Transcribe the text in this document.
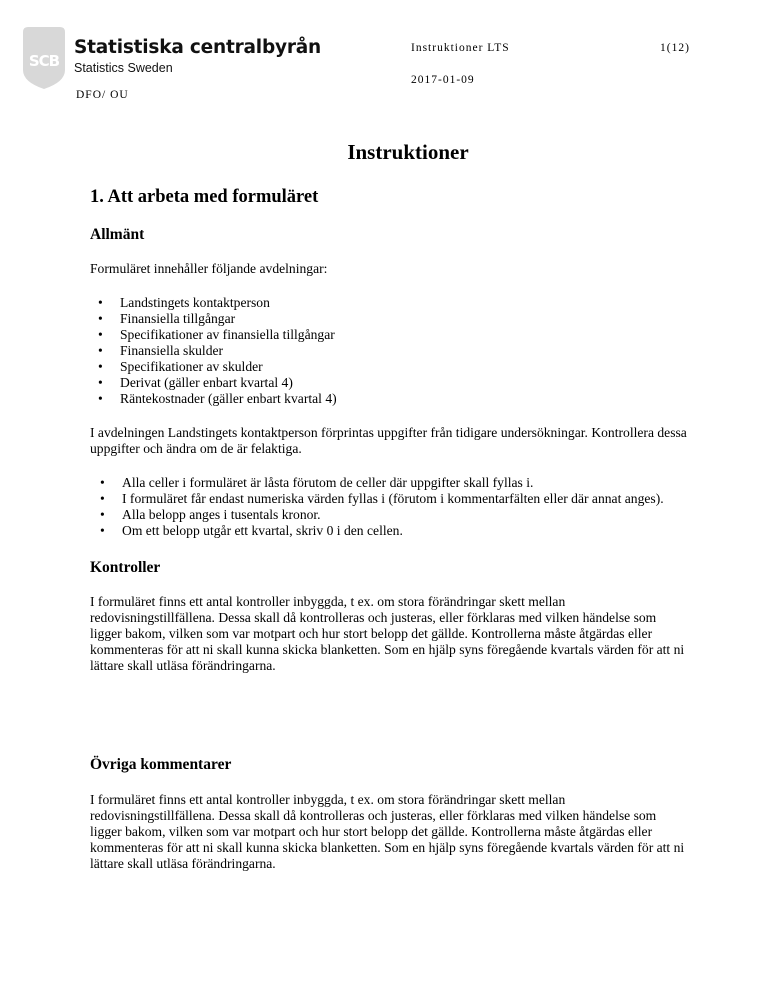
SCB
Statistiska centralbyrån
Statistics Sweden
Instruktioner LTS	1(12)
2017-01-09
DFO/ OU
Instruktioner
1. Att arbeta med formuläret
Allmänt

Formuläret innehåller följande avdelningar:

• Landstingets kontaktperson
• Finansiella tillgångar
• Specifikationer av finansiella tillgångar
• Finansiella skulder
• Specifikationer av skulder
• Derivat (gäller enbart kvartal 4)
• Räntekostnader (gäller enbart kvartal 4)

I avdelningen Landstingets kontaktperson förprintas uppgifter från tidigare undersökningar. Kontrollera dessa uppgifter och ändra om de är felaktiga.

• Alla celler i formuläret är låsta förutom de celler där uppgifter skall fyllas i.
• I formuläret får endast numeriska värden fyllas i (förutom i kommentarfälten eller där annat anges).
• Alla belopp anges i tusentals kronor.
• Om ett belopp utgår ett kvartal, skriv 0 i den cellen.
Kontroller

I formuläret finns ett antal kontroller inbyggda, t ex. om stora förändringar skett mellan redovisningstillfällena. Dessa skall då kontrolleras och justeras, eller förklaras med vilken händelse som ligger bakom, vilken som var motpart och hur stort belopp det gällde. Kontrollerna måste åtgärdas eller kommenteras för att ni skall kunna skicka blanketten. Som en hjälp syns föregående kvartals värden för att ni lättare skall utläsa förändringarna.

Övriga kommentarer

I formuläret finns ett antal kontroller inbyggda, t ex. om stora förändringar skett mellan redovisningstillfällena. Dessa skall då kontrolleras och justeras, eller förklaras med vilken händelse som ligger bakom, vilken som var motpart och hur stort belopp det gällde. Kontrollerna måste åtgärdas eller kommenteras för att ni skall kunna skicka blanketten. Som en hjälp syns föregående kvartals värden för att ni lättare skall utläsa förändringarna.
